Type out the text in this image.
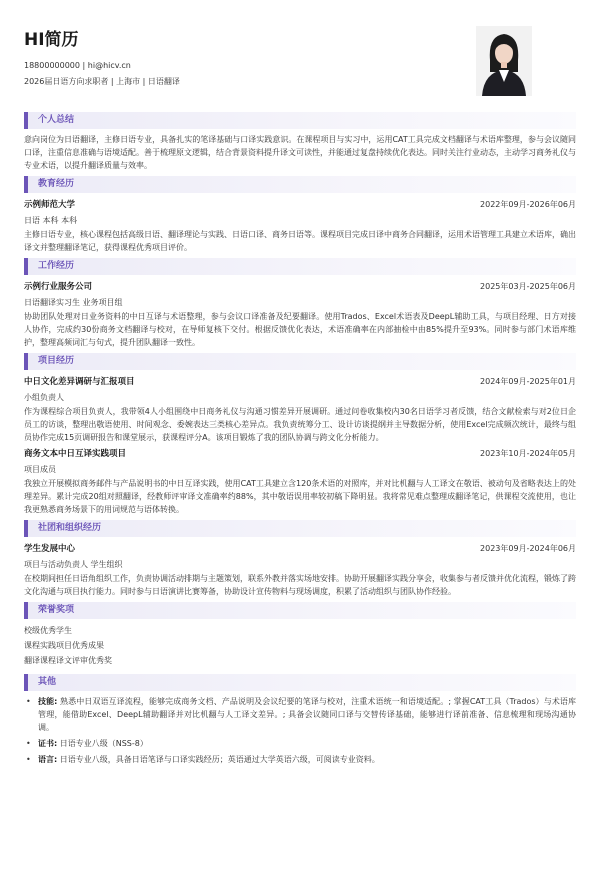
HI简历
18800000000 | hi@hicv.cn
2026届日语方向求职者 | 上海市 | 日语翻译
个人总结
意向岗位为日语翻译，主修日语专业，具备扎实的笔译基础与口译实践意识。在课程项目与实习中，运用CAT工具完成文档翻译与术语库整理，参与会议随同口译，注重信息准确与语境适配。善于梳理原文逻辑，结合背景资料提升译文可读性，并能通过复盘持续优化表达。同时关注行业动态，主动学习商务礼仪与专业术语，以提升翻译质量与效率。
教育经历
示例师范大学	2022年09月-2026年06月
日语 本科 本科
主修日语专业，核心课程包括高级日语、翻译理论与实践、日语口译、商务日语等。课程项目完成日译中商务合同翻译，运用术语管理工具建立术语库，确出译文并整理翻译笔记，获得课程优秀项目评价。
工作经历
示例行业服务公司	2025年03月-2025年06月
日语翻译实习生 业务项目组
协助团队处理对日业务资料的中日互译与术语整理，参与会议口译准备及纪要翻译。使用Trados、Excel术语表及DeepL辅助工具，与项目经理、日方对接人协作，完成约30份商务文档翻译与校对，在导师复核下交付。根据反馈优化表达，术语准确率在内部抽检中由85%提升至93%。同时参与部门术语库维护，整理高频词汇与句式，提升团队翻译一致性。
项目经历
中日文化差异调研与汇报项目	2024年09月-2025年01月
小组负责人
作为课程综合项目负责人，我带领4人小组围绕中日商务礼仪与沟通习惯差异开展调研。通过问卷收集校内30名日语学习者反馈，结合文献检索与对2位日企员工的访谈，整理出敬语使用、时间观念、委婉表达三类核心差异点。我负责统筹分工、设计访谈提纲并主导数据分析，使用Excel完成频次统计，最终与组员协作完成15页调研报告和课堂展示，获课程评分A。该项目锻炼了我的团队协调与跨文化分析能力。
商务文本中日互译实践项目	2023年10月-2024年05月
项目成员
我独立开展模拟商务邮件与产品说明书的中日互译实践，使用CAT工具建立含120条术语的对照库，并对比机翻与人工译文在敬语、被动句及省略表达上的处理差异。累计完成20组对照翻译，经教师评审译文准确率约88%，其中敬语误用率较初稿下降明显。我将常见难点整理成翻译笔记，供课程交流使用，也让我更熟悉商务场景下的用词规范与语体转换。
社团和组织经历
学生发展中心	2023年09月-2024年06月
项目与活动负责人 学生组织
在校期间担任日语角组织工作，负责协调活动排期与主题策划，联系外教并落实场地安排。协助开展翻译实践分享会，收集参与者反馈并优化流程，锻炼了跨文化沟通与项目执行能力。同时参与日语演讲比赛筹备，协助设计宣传物料与现场调度，积累了活动组织与团队协作经验。
荣誉奖项
校级优秀学生
课程实践项目优秀成果
翻译课程译文评审优秀奖
其他
• 技能: 熟悉中日双语互译流程，能够完成商务文档、产品说明及会议纪要的笔译与校对，注重术语统一和语境适配。; 掌握CAT工具（Trados）与术语库管理，能借助Excel、DeepL辅助翻译并对比机翻与人工译文差异。; 具备会议随同口译与交替传译基础，能够进行译前准备、信息梳理和现场沟通协调。
• 证书: 日语专业八级（NSS-8）
• 语言: 日语专业八级，具备日语笔译与口译实践经历；英语通过大学英语六级，可阅读专业资料。
